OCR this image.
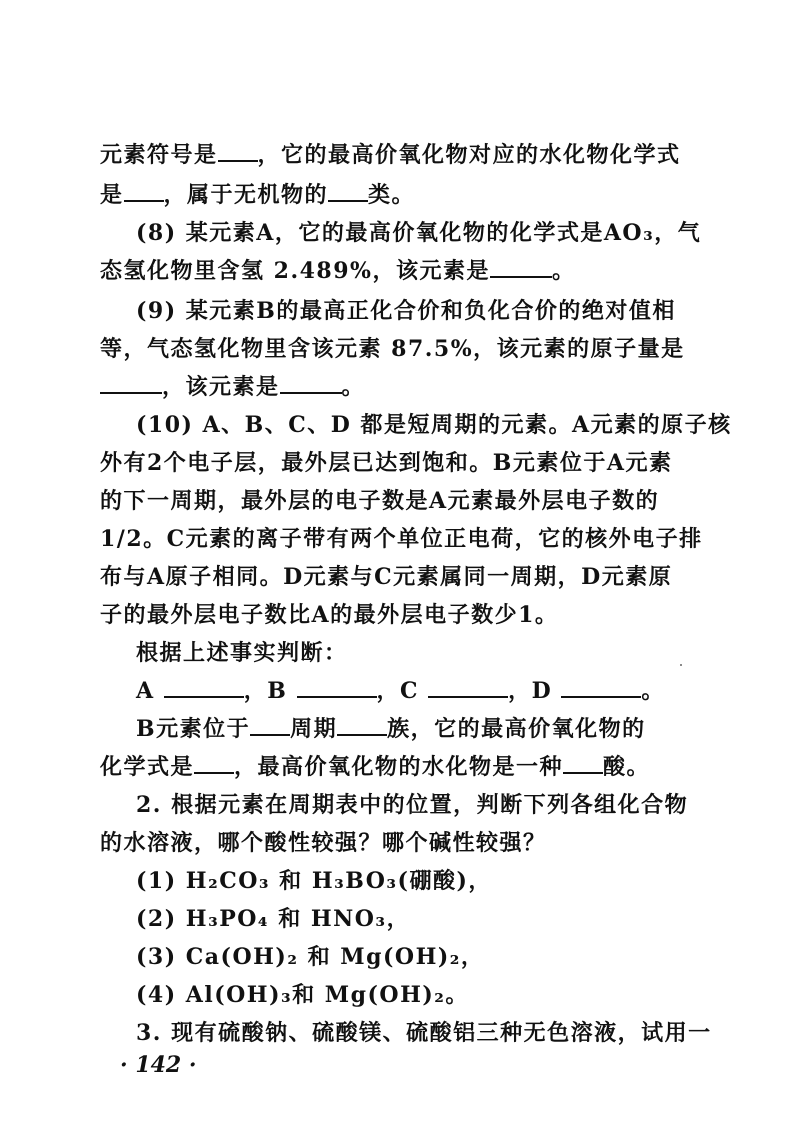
元素符号是 ，它的最高价氧化物对应的水化物化学式
是 ，属于无机物的 类。
(8) 某元素A，它的最高价氧化物的化学式是AO₃，气
态氢化物里含氢 2.489%，该元素是	。
(9) 某元素B的最高正化合价和负化合价的绝对值相
等，气态氢化物里含该元素 87.5%，该元素的原子量是
，该元素是	。
(10) A、B、C、D 都是短周期的元素。A元素的原子核
外有2个电子层，最外层已达到饱和。B元素位于A元素
的下一周期，最外层的电子数是A元素最外层电子数的
1/2。C元素的离子带有两个单位正电荷，它的核外电子排
布与A原子相同。D元素与C元素属同一周期，D元素原
子的最外层电子数比A的最外层电子数少1。
根据上述事实判断：
A	，B	，C	，D	。
B元素位于 周期 族，它的最高价氧化物的
化学式是 ，最高价氧化物的水化物是一种 酸。
2. 根据元素在周期表中的位置，判断下列各组化合物
的水溶液，哪个酸性较强？哪个碱性较强？
(1) H₂CO₃ 和 H₃BO₃(硼酸)，
(2) H₃PO₄ 和 HNO₃，
(3) Ca(OH)₂ 和 Mg(OH)₂，
(4) Al(OH)₃和 Mg(OH)₂。
3. 现有硫酸钠、硫酸镁、硫酸铝三种无色溶液，试用一
· 142 ·
